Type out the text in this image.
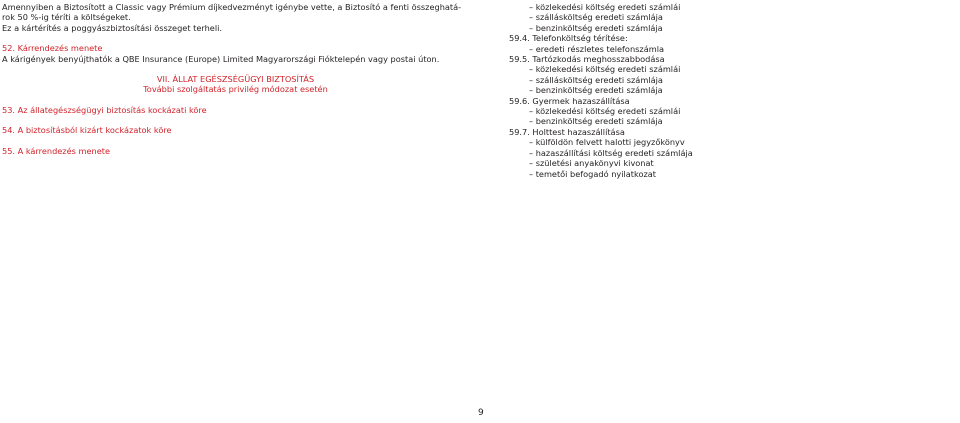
Amennyiben a Biztosított a Classic vagy Prémium díjkedvezményt igénybe vette, a Biztosító a fenti összeghatá-
rok 50 %-ig téríti a költségeket.
Ez a kártérítés a poggyászbiztosítási összeget terheli.
52. Kárrendezés menete
A kárigények benyújthatók a QBE Insurance (Europe) Limited Magyarországi Fióktelepén vagy postai úton.
VII. ÁLLAT EGÉSZSÉGÜGYI BIZTOSÍTÁS
További szolgáltatás privilég módozat esetén
53. Az állategészségügyi biztosítás kockázati köre
54. A biztosításból kizárt kockázatok köre
55. A kárrendezés menete
9
– közlekedési költség eredeti számlái
– szállásköltség eredeti számlája
– benzinköltség eredeti számlája
59.4. Telefonköltség térítése:
– eredeti részletes telefonszámla
59.5. Tartózkodás meghosszabbodása
– közlekedési költség eredeti számlái
– szállásköltség eredeti számlája
– benzinköltség eredeti számlája
59.6. Gyermek hazaszállítása
– közlekedési költség eredeti számlái
– benzinköltség eredeti számlája
59.7. Holttest hazaszállítása
– külföldön felvett halotti jegyzőkönyv
– hazaszállítási költség eredeti számlája
– születési anyakönyvi kivonat
– temetői befogadó nyilatkozat
